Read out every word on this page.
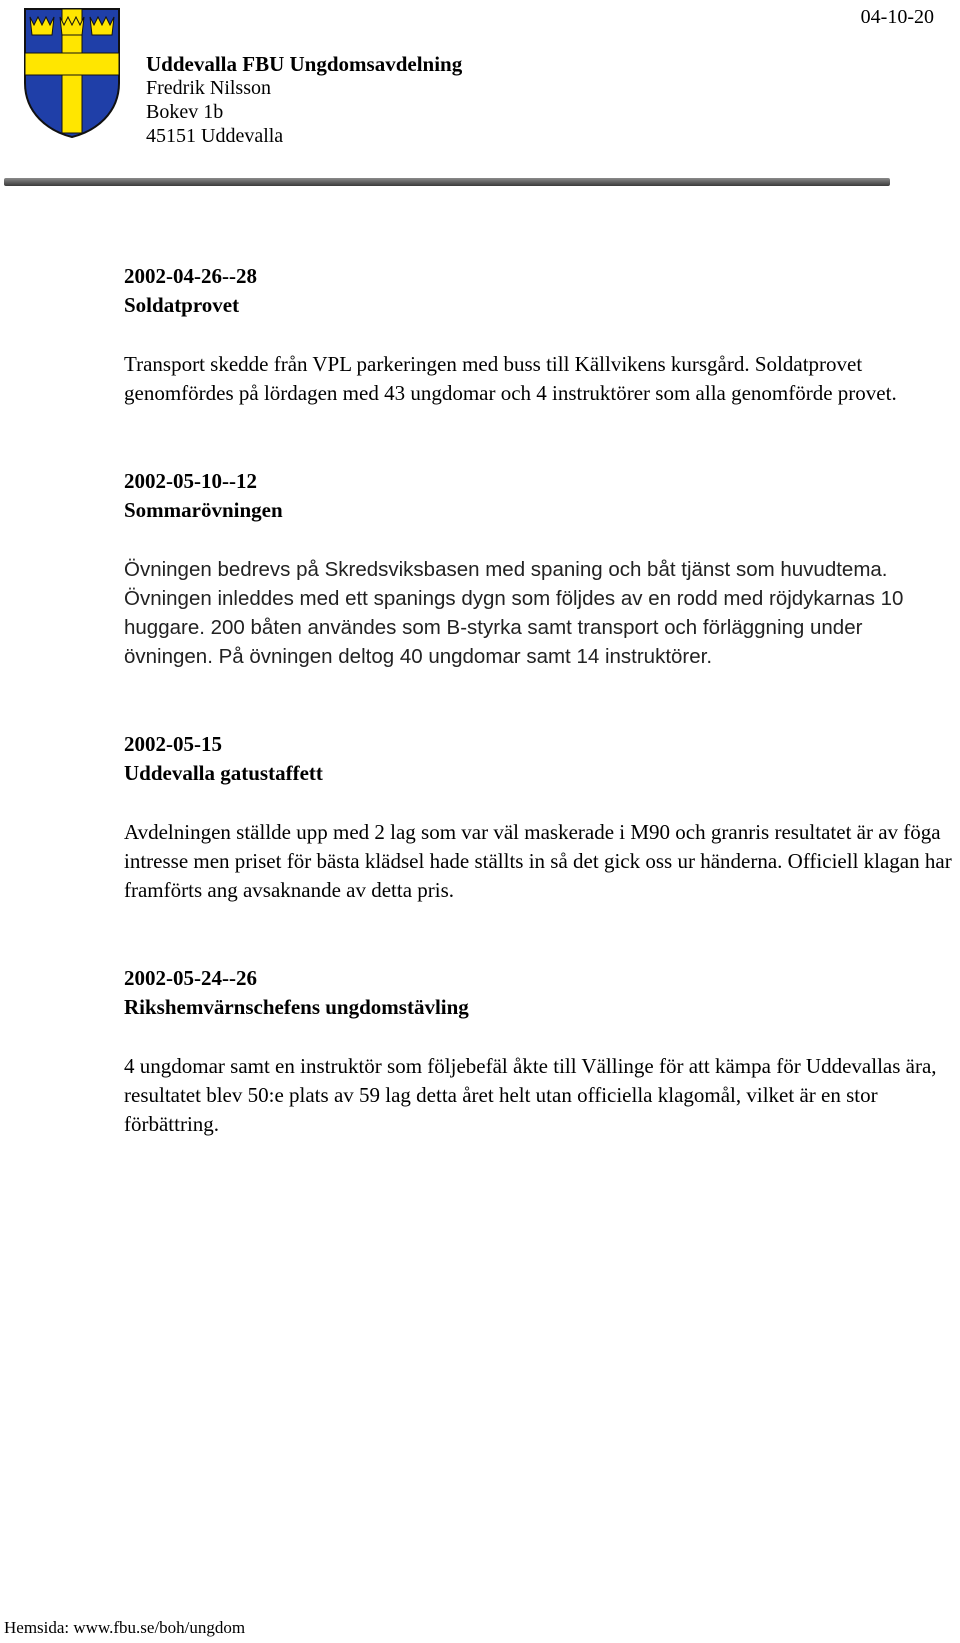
04-10-20
Uddevalla FBU Ungdomsavdelning
Fredrik Nilsson
Bokev 1b
45151 Uddevalla
2002-04-26--28
Soldatprovet

Transport skedde från VPL parkeringen med buss till Källvikens kursgård. Soldatprovet genomfördes på lördagen med 43 ungdomar och 4 instruktörer som alla genomförde provet.

2002-05-10--12
Sommarövningen

Övningen bedrevs på Skredsviksbasen med spaning och båt tjänst som huvudtema.

Övningen inleddes med ett spanings dygn som följdes av en rodd med röjdykarnas 10 huggare. 200 båten användes som B-styrka samt transport och förläggning under övningen. På övningen deltog 40 ungdomar samt 14 instruktörer.

2002-05-15
Uddevalla gatustaffett

Avdelningen ställde upp med 2 lag som var väl maskerade i M90 och granris resultatet är av föga intresse men priset för bästa klädsel hade ställts in så det gick oss ur händerna. Officiell klagan har framförts ang avsaknande av detta pris.

2002-05-24--26
Rikshemvärnschefens ungdomstävling

4 ungdomar samt en instruktör som följebefäl åkte till Vällinge för att kämpa för Uddevallas ära, resultatet blev 50:e plats av 59 lag detta året helt utan officiella klagomål, vilket är en stor förbättring.

Hemsida: www.fbu.se/boh/ungdom
